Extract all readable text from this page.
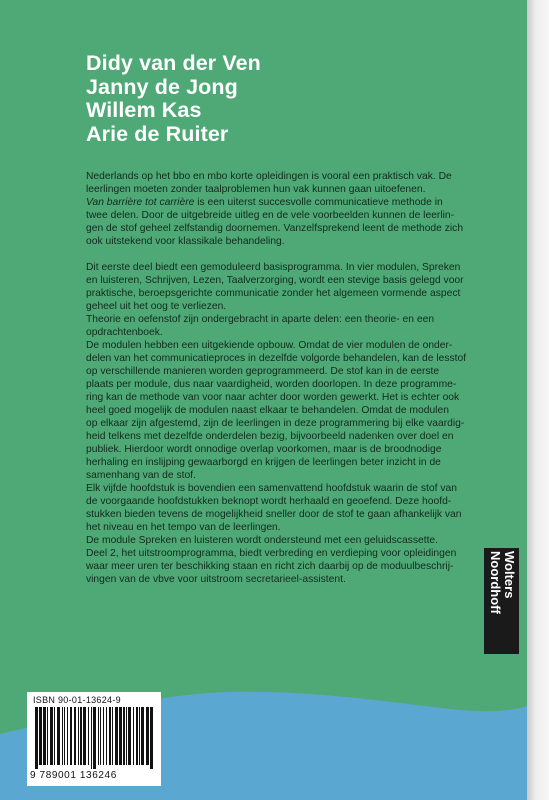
Didy van der Ven
Janny de Jong
Willem Kas
Arie de Ruiter

Nederlands op het bbo en mbo korte opleidingen is vooral een praktisch vak. De

leerlingen moeten zonder taalproblemen hun vak kunnen gaan uitoefenen.

Van barrière tot carrière is een uiterst succesvolle communicatieve methode in

twee delen. Door de uitgebreide uitleg en de vele voorbeelden kunnen de leerlin-

gen de stof geheel zelfstandig doornemen. Vanzelfsprekend leent de methode zich

ook uitstekend voor klassikale behandeling.

Dit eerste deel biedt een gemoduleerd basisprogramma. In vier modulen, Spreken

en luisteren, Schrijven, Lezen, Taalverzorging, wordt een stevige basis gelegd voor

praktische, beroepsgerichte communicatie zonder het algemeen vormende aspect

geheel uit het oog te verliezen.

Theorie en oefenstof zijn ondergebracht in aparte delen: een theorie- en een

opdrachtenboek.

De modulen hebben een uitgekiende opbouw. Omdat de vier modulen de onder-

delen van het communicatieproces in dezelfde volgorde behandelen, kan de lesstof

op verschillende manieren worden geprogrammeerd. De stof kan in de eerste

plaats per module, dus naar vaardigheid, worden doorlopen. In deze programme-

ring kan de methode van voor naar achter door worden gewerkt. Het is echter ook

heel goed mogelijk de modulen naast elkaar te behandelen. Omdat de modulen

op elkaar zijn afgestemd, zijn de leerlingen in deze programmering bij elke vaardig-

heid telkens met dezelfde onderdelen bezig, bijvoorbeeld nadenken over doel en

publiek. Hierdoor wordt onnodige overlap voorkomen, maar is de broodnodige

herhaling en inslijping gewaarborgd en krijgen de leerlingen beter inzicht in de

samenhang van de stof.

Elk vijfde hoofdstuk is bovendien een samenvattend hoofdstuk waarin de stof van

de voorgaande hoofdstukken beknopt wordt herhaald en geoefend. Deze hoofd-

stukken bieden tevens de mogelijkheid sneller door de stof te gaan afhankelijk van

het niveau en het tempo van de leerlingen.

De module Spreken en luisteren wordt ondersteund met een geluidscassette.

Deel 2, het uitstroomprogramma, biedt verbreding en verdieping voor opleidingen

waar meer uren ter beschikking staan en richt zich daarbij op de moduulbeschrij-

vingen van de vbve voor uitstroom secretarieel-assistent.	Wolters
Noordhoff
ISBN 90-01-13624-9
9 789001 136246
